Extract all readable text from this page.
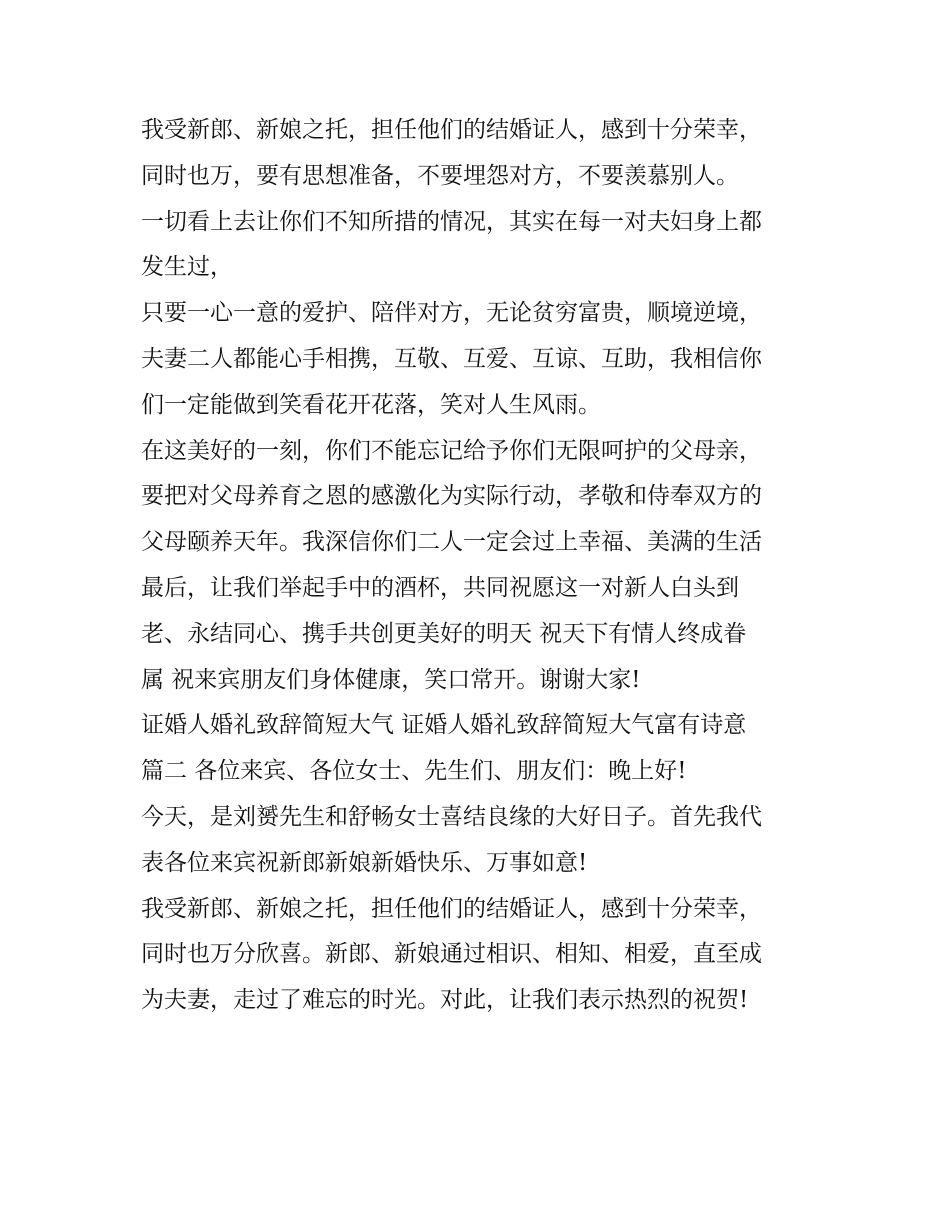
我受新郎、新娘之托，担任他们的结婚证人，感到十分荣幸，
同时也万，要有思想准备，不要埋怨对方，不要羡慕别人。
一切看上去让你们不知所措的情况，其实在每一对夫妇身上都
发生过，
只要一心一意的爱护、陪伴对方，无论贫穷富贵，顺境逆境，
夫妻二人都能心手相携，互敬、互爱、互谅、互助，我相信你
们一定能做到笑看花开花落，笑对人生风雨。
在这美好的一刻，你们不能忘记给予你们无限呵护的父母亲，
要把对父母养育之恩的感激化为实际行动，孝敬和侍奉双方的
父母颐养天年。我深信你们二人一定会过上幸福、美满的生活
最后，让我们举起手中的酒杯，共同祝愿这一对新人白头到
老、永结同心、携手共创更美好的明天 祝天下有情人终成眷
属 祝来宾朋友们身体健康，笑口常开。谢谢大家!
证婚人婚礼致辞简短大气 证婚人婚礼致辞简短大气富有诗意
篇二 各位来宾、各位女士、先生们、朋友们：晚上好!
今天，是刘赟先生和舒畅女士喜结良缘的大好日子。首先我代
表各位来宾祝新郎新娘新婚快乐、万事如意!
我受新郎、新娘之托，担任他们的结婚证人，感到十分荣幸，
同时也万分欣喜。新郎、新娘通过相识、相知、相爱，直至成
为夫妻，走过了难忘的时光。对此，让我们表示热烈的祝贺!
